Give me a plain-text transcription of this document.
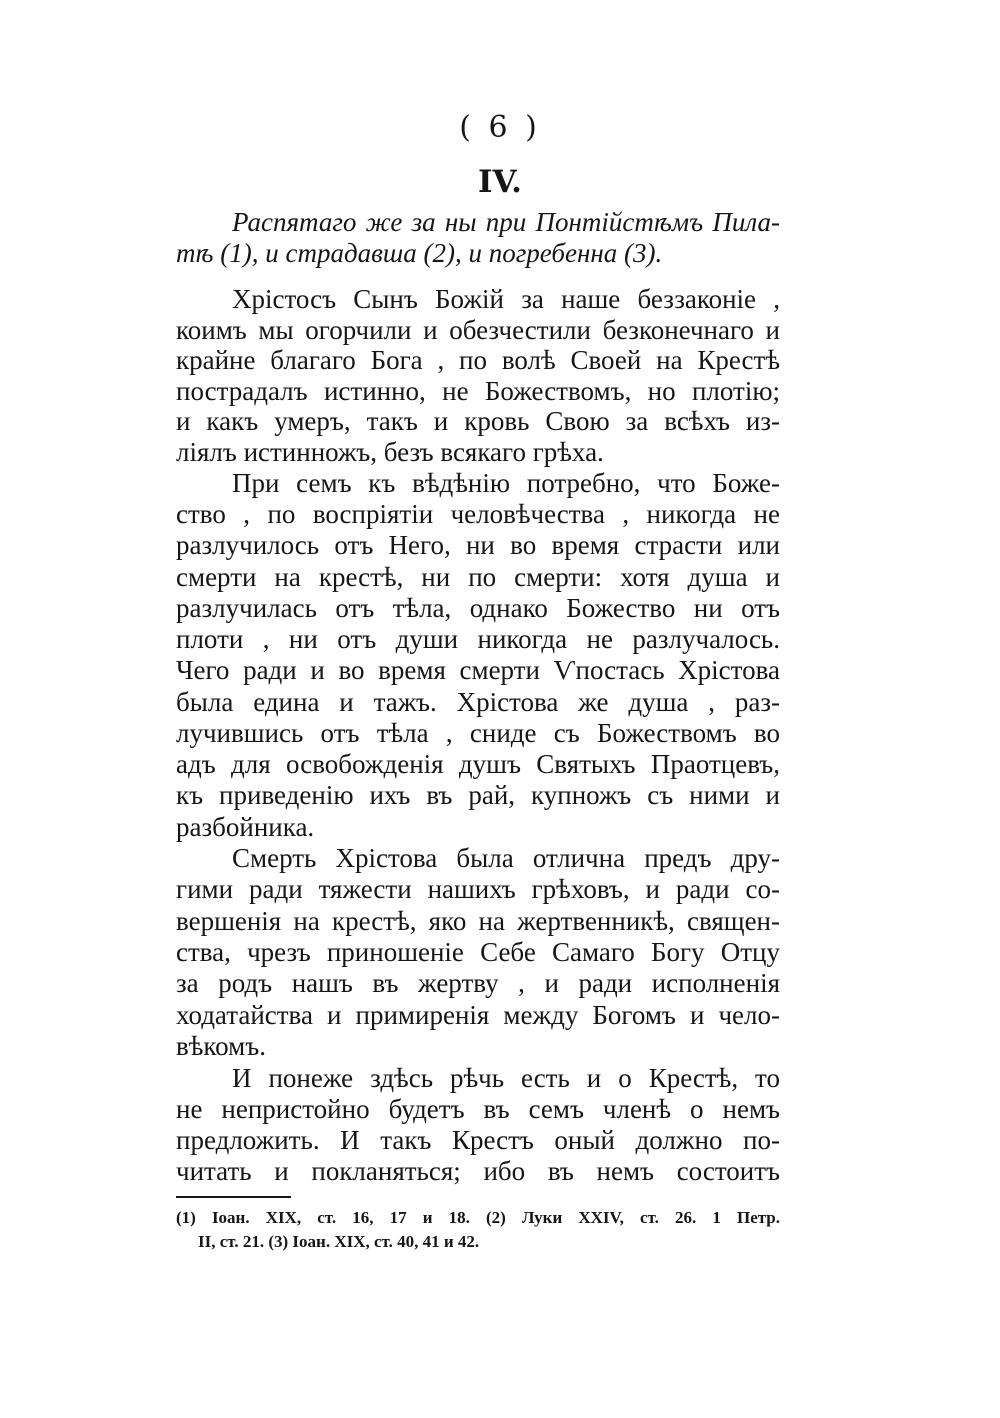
( 6 )
IV.
Распятаго же за ны при Понтійстѣмъ Пила-
тѣ (1), и страдавша (2), и погребенна (3).
Хрістосъ Сынъ Божій за наше беззаконіе ,
коимъ мы огорчили и обезчестили безконечнаго и
крайне благаго Бога , по волѣ Своей на Крестѣ
пострадалъ истинно, не Божествомъ, но плотію;
и какъ умеръ, такъ и кровь Свою за всѣхъ из-
ліялъ истинножъ, безъ всякаго грѣха.
При семъ къ вѣдѣнію потребно, что Боже-
ство , по воспріятіи человѣчества , никогда не
разлучилось отъ Него, ни во время страсти или
смерти на крестѣ, ни по смерти: хотя душа и
разлучилась отъ тѣла, однако Божество ни отъ
плоти , ни отъ души никогда не разлучалось.
Чего ради и во время смерти Ѵпостась Хрістова
была едина и тажъ. Хрістова же душа , раз-
лучившись отъ тѣла , сниде съ Божествомъ во
адъ для освобожденія душъ Святыхъ Праотцевъ,
къ приведенію ихъ въ рай, купножъ съ ними и
разбойника.
Смерть Хрістова была отлична предъ дру-
гими ради тяжести нашихъ грѣховъ, и ради со-
вершенія на крестѣ, яко на жертвенникѣ, священ-
ства, чрезъ приношеніе Себе Самаго Богу Отцу
за родъ нашъ въ жертву , и ради исполненія
ходатайства и примиренія между Богомъ и чело-
вѣкомъ.
И понеже здѣсь рѣчь есть и о Крестѣ, то
не непристойно будетъ въ семъ членѣ о немъ
предложить. И такъ Крестъ оный должно по-
читать и покланяться; ибо въ немъ состоитъ
(1) Іоан. XIX, ст. 16, 17 и 18. (2) Луки XXIV, ст. 26. 1 Петр.
II, ст. 21. (3) Іоан. XIX, ст. 40, 41 и 42.
